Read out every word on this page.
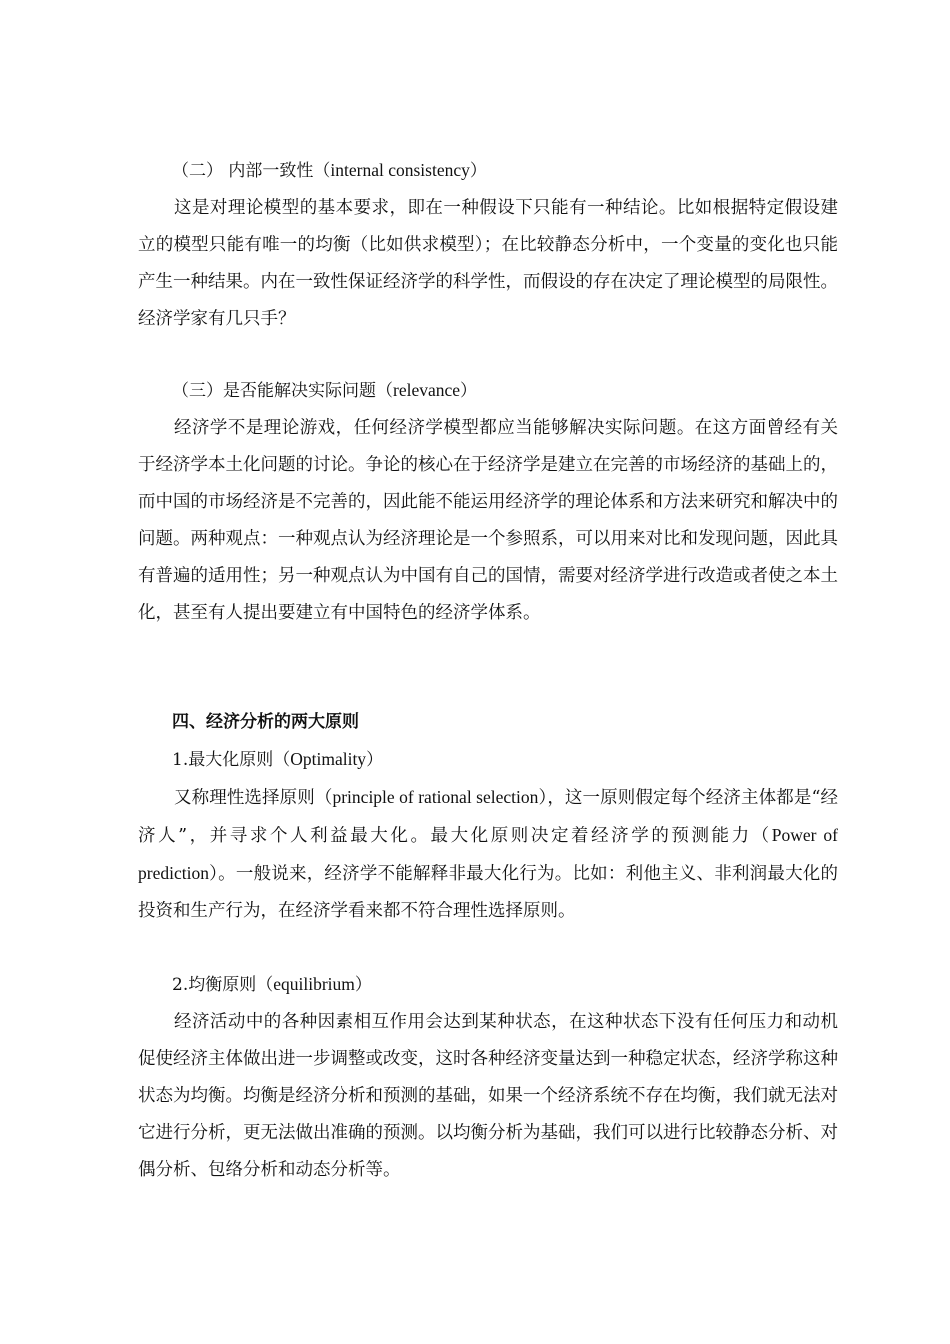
（二） 内部一致性（internal consistency）

这是对理论模型的基本要求，即在一种假设下只能有一种结论。比如根据特定假设建立的模型只能有唯一的均衡（比如供求模型）；在比较静态分析中，一个变量的变化也只能产生一种结果。内在一致性保证经济学的科学性，而假设的存在决定了理论模型的局限性。经济学家有几只手？

（三）是否能解决实际问题（relevance）

经济学不是理论游戏，任何经济学模型都应当能够解决实际问题。在这方面曾经有关于经济学本土化问题的讨论。争论的核心在于经济学是建立在完善的市场经济的基础上的，而中国的市场经济是不完善的，因此能不能运用经济学的理论体系和方法来研究和解决中的问题。两种观点：一种观点认为经济理论是一个参照系，可以用来对比和发现问题，因此具有普遍的适用性；另一种观点认为中国有自己的国情，需要对经济学进行改造或者使之本土化，甚至有人提出要建立有中国特色的经济学体系。

四、经济分析的两大原则
1.最大化原则（Optimality）

又称理性选择原则（principle of rational selection），这一原则假定每个经济主体都是“经济人”，并寻求个人利益最大化。最大化原则决定着经济学的预测能力（Power of prediction）。一般说来，经济学不能解释非最大化行为。比如：利他主义、非利润最大化的投资和生产行为，在经济学看来都不符合理性选择原则。

2.均衡原则（equilibrium）

经济活动中的各种因素相互作用会达到某种状态，在这种状态下没有任何压力和动机促使经济主体做出进一步调整或改变，这时各种经济变量达到一种稳定状态，经济学称这种状态为均衡。均衡是经济分析和预测的基础，如果一个经济系统不存在均衡，我们就无法对它进行分析，更无法做出准确的预测。以均衡分析为基础，我们可以进行比较静态分析、对偶分析、包络分析和动态分析等。
